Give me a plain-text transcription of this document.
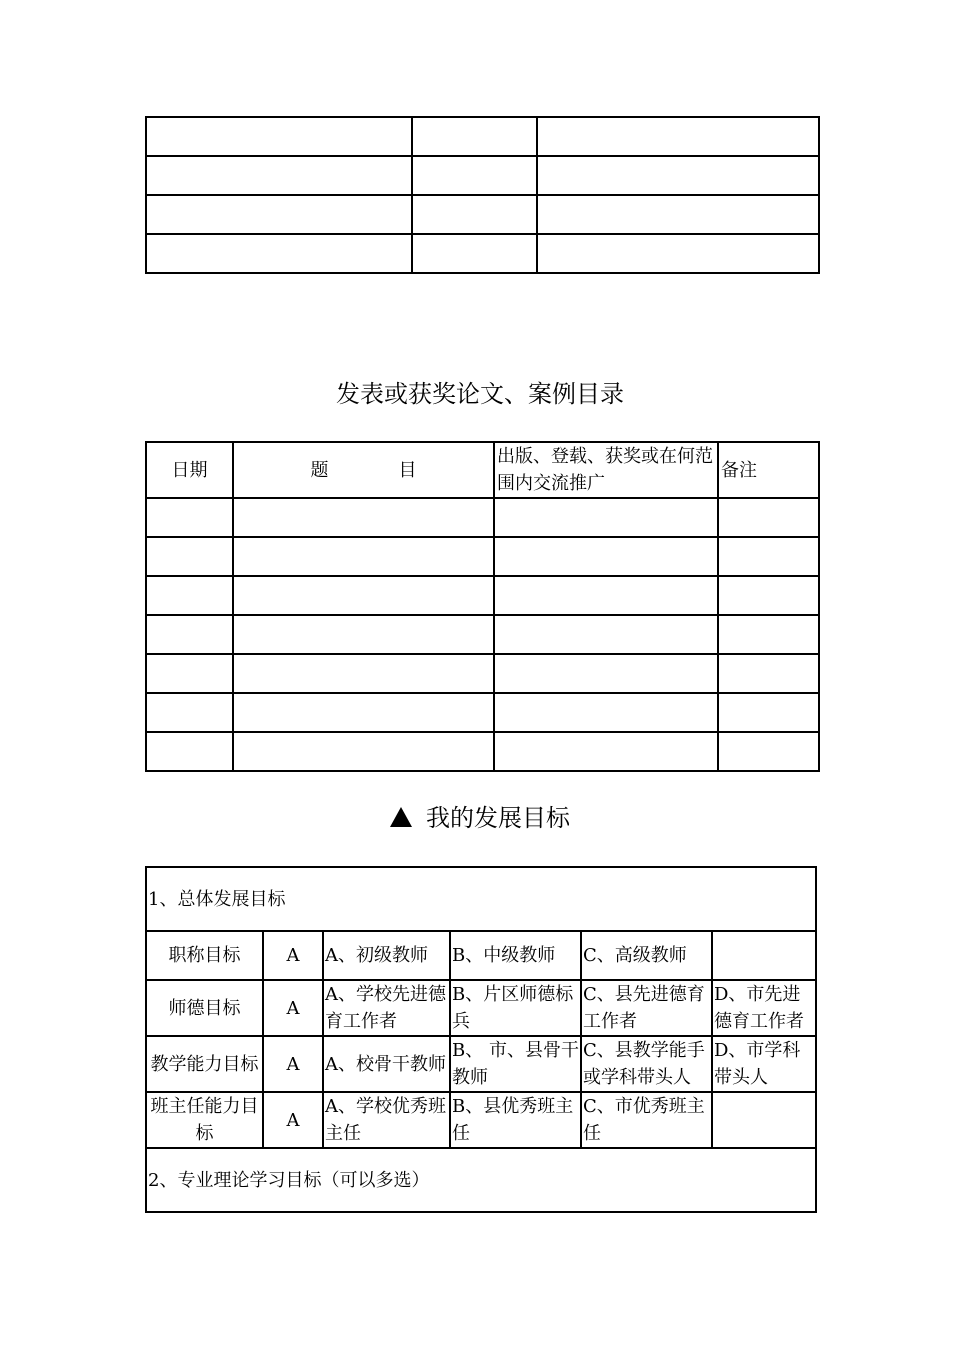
发表或获奖论文、案例目录
日期	题 目	出版、登载、获奖或在何范围内交流推广	备注

我的发展目标
1、总体发展目标					
职称目标	A	A、初级教师	B、中级教师	C、高级教师	
师德目标	A	A、学校先进德育工作者	B、片区师德标兵	C、县先进德育工作者	D、市先进德育工作者
教学能力目标	A	A、校骨干教师	B、 市、县骨干教师	C、县教学能手或学科带头人	D、市学科带头人
班主任能力目标	A	A、学校优秀班主任	B、县优秀班主任	C、市优秀班主任	
2、专业理论学习目标（可以多选）					
